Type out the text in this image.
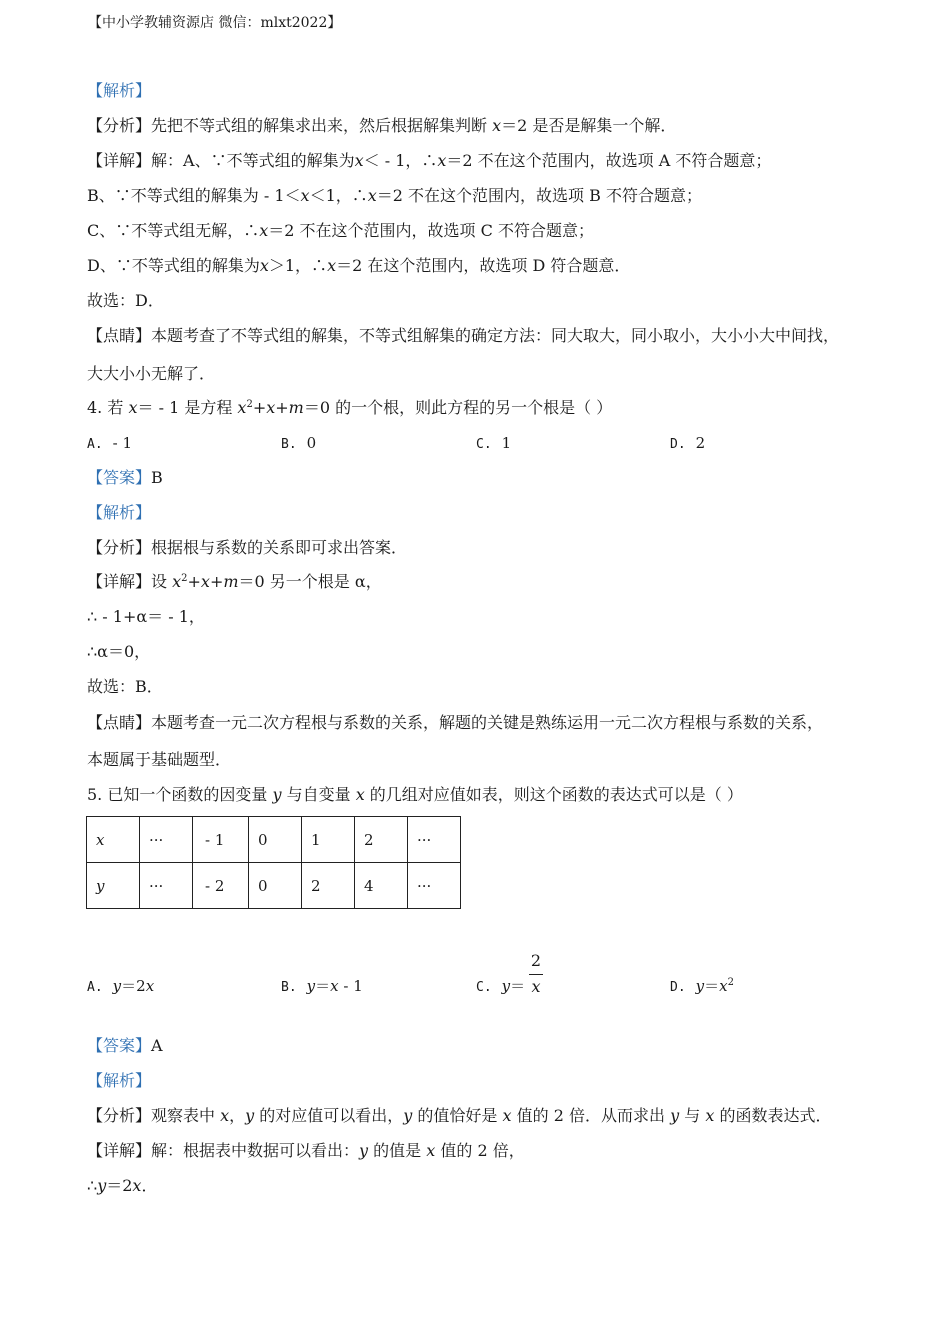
【中小学教辅资源店 微信：mlxt2022】
【解析】
【分析】先把不等式组的解集求出来，然后根据解集判断 x＝2 是否是解集一个解．
【详解】解：A、∵不等式组的解集为x＜ - 1，∴x＝2 不在这个范围内，故选项 A 不符合题意；
B、∵不等式组的解集为 - 1＜x＜1，∴x＝2 不在这个范围内，故选项 B 不符合题意；
C、∵不等式组无解，∴x＝2 不在这个范围内，故选项 C 不符合题意；
D、∵不等式组的解集为x＞1，∴x＝2 在这个范围内，故选项 D 符合题意．
故选：D．
【点睛】本题考查了不等式组的解集，不等式组解集的确定方法：同大取大，同小取小，大小小大中间找，
大大小小无解了．
4. 若 x＝ - 1 是方程 $x^2+x+m=0$ 的一个根，则此方程的另一个根是（ ）
A. - 1	B. 0	C. 1	D. 2
【答案】B
【解析】
【分析】根据根与系数的关系即可求出答案．
【详解】设 $x^2+x+m=0$ 另一个根是 α，
∴ - 1+α＝ - 1，
∴α＝0，
故选：B．
【点睛】本题考查一元二次方程根与系数的关系，解题的关键是熟练运用一元二次方程根与系数的关系，
本题属于基础题型．
5. 已知一个函数的因变量 y 与自变量 x 的几组对应值如表，则这个函数的表达式可以是（ ）
x	···	- 1	0	1	2	···
y	···	- 2	0	2	4	···
A. y＝2x	B. y＝x - 1	C. y＝
2
x	D. $y=x^2$
【答案】A
【解析】
【分析】观察表中 x，y 的对应值可以看出，y 的值恰好是 x 值的 2 倍．从而求出 y 与 x 的函数表达式．
【详解】解：根据表中数据可以看出：y 的值是 x 值的 2 倍，
∴y＝2x．
